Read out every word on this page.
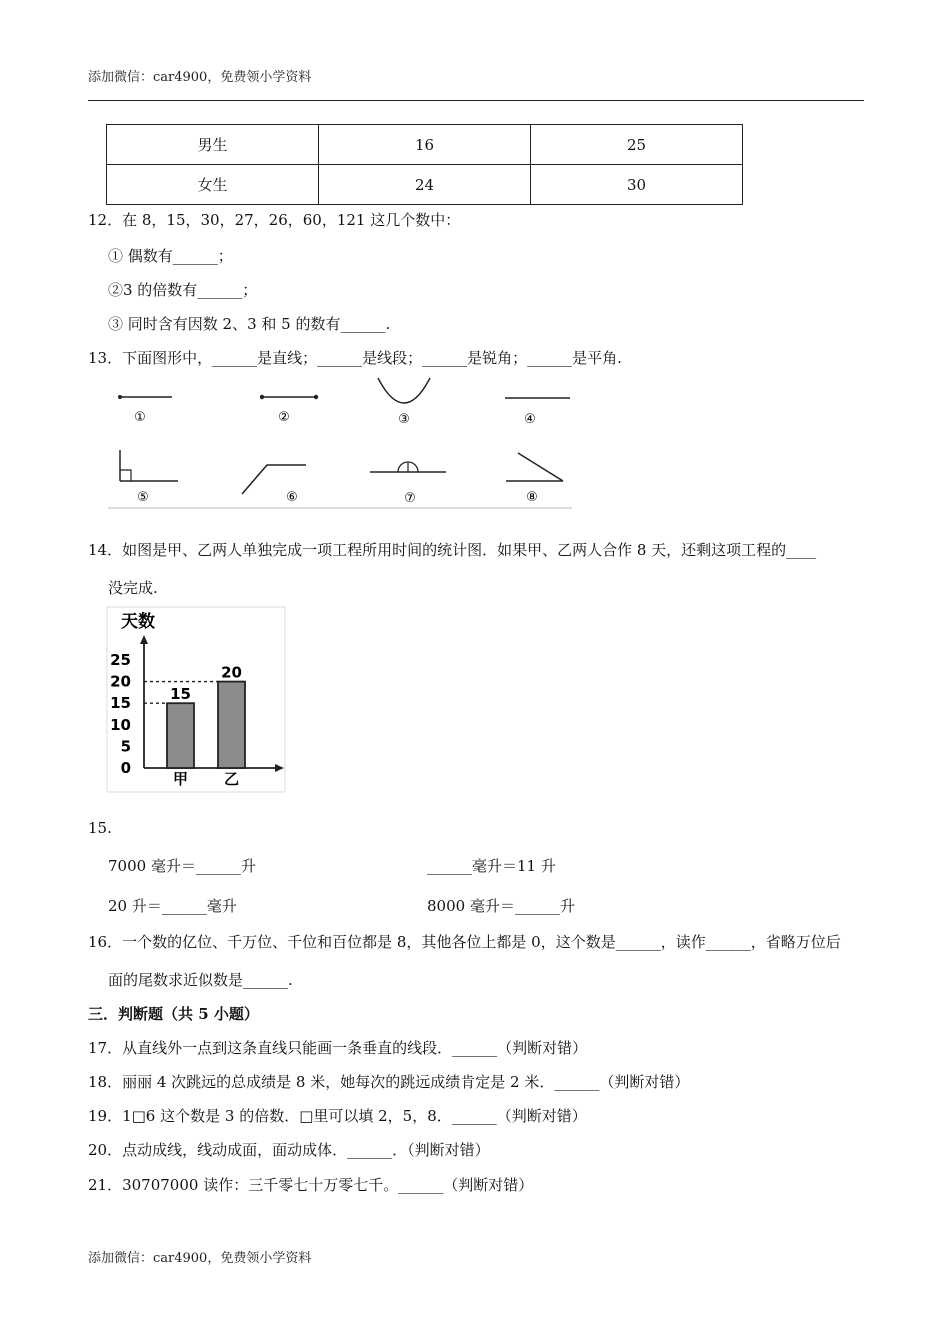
添加微信：car4900，免费领小学资料
男生	16	25
女生	24	30
12．在 8，15，30，27，26，60，121 这几个数中：
① 偶数有______；
②3 的倍数有______；
③ 同时含有因数 2、3 和 5 的数有______.
13．下面图形中，______是直线；______是线段；______是锐角；______是平角.
①	②	③	④
⑤	⑥	⑦	⑧
14．如图是甲、乙两人单独完成一项工程所用时间的统计图．如果甲、乙两人合作 8 天，还剩这项工程的____
没完成.
天数
0
5
10
15
20
25
15
甲
20
乙
15.
7000 毫升＝______升	______毫升＝11 升
20 升＝______毫升	8000 毫升＝______升
16．一个数的亿位、千万位、千位和百位都是 8，其他各位上都是 0，这个数是______，读作______，省略万位后
面的尾数求近似数是______.
三．判断题（共 5 小题）
17．从直线外一点到这条直线只能画一条垂直的线段．______（判断对错）
18．丽丽 4 次跳远的总成绩是 8 米，她每次的跳远成绩肯定是 2 米．______（判断对错）
19．1□6 这个数是 3 的倍数．□里可以填 2，5，8．______（判断对错）
20．点动成线，线动成面，面动成体．______．（判断对错）
21．30707000 读作：三千零七十万零七千。______（判断对错）
添加微信：car4900，免费领小学资料
